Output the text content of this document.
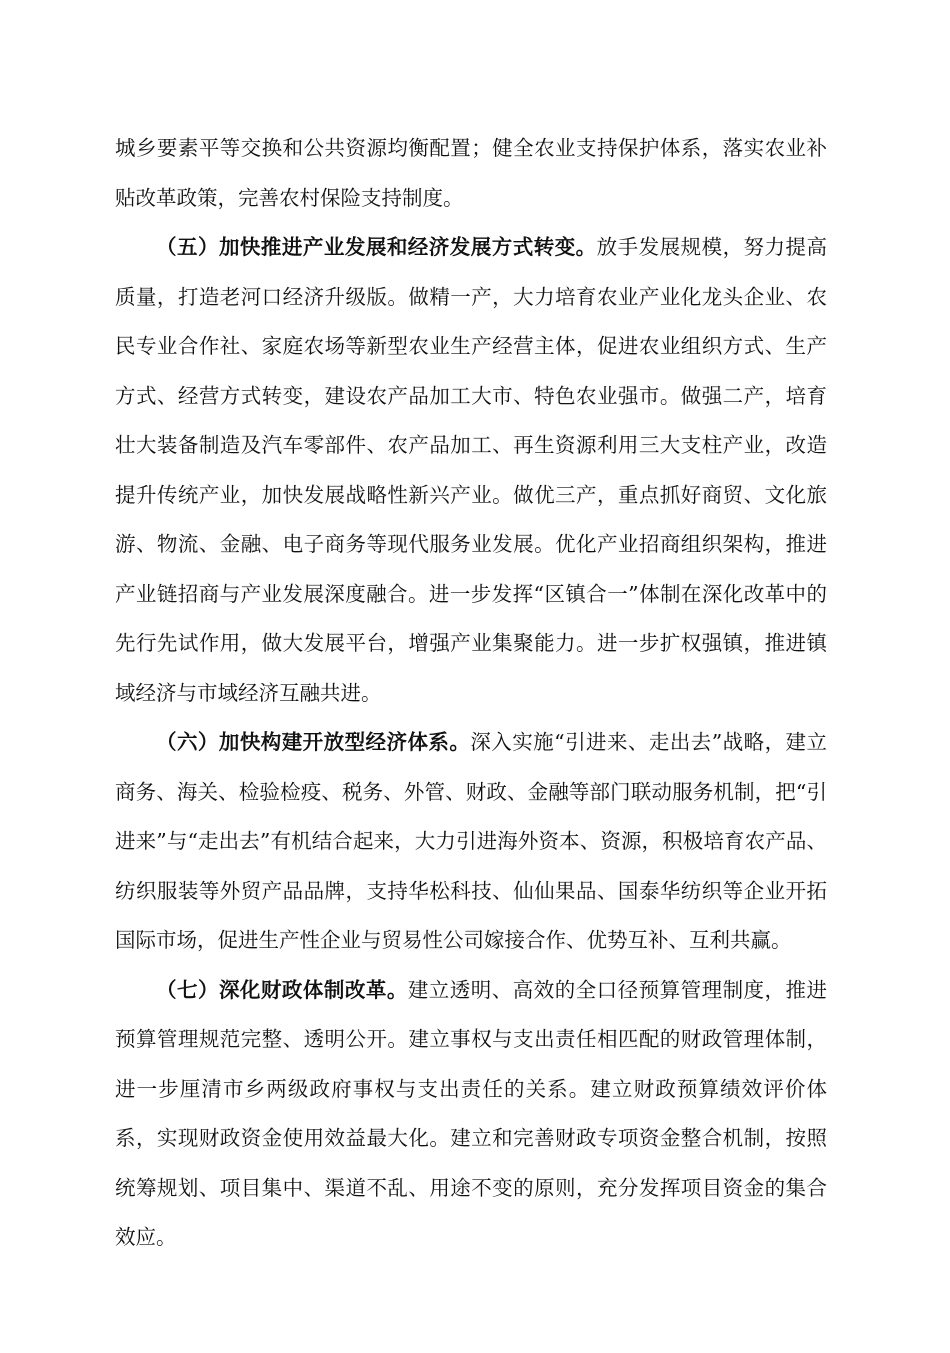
城乡要素平等交换和公共资源均衡配置；健全农业支持保护体系，落实农业补贴改革政策，完善农村保险支持制度。

（五）加快推进产业发展和经济发展方式转变。放手发展规模，努力提高质量，打造老河口经济升级版。做精一产，大力培育农业产业化龙头企业、农民专业合作社、家庭农场等新型农业生产经营主体，促进农业组织方式、生产方式、经营方式转变，建设农产品加工大市、特色农业强市。做强二产，培育壮大装备制造及汽车零部件、农产品加工、再生资源利用三大支柱产业，改造提升传统产业，加快发展战略性新兴产业。做优三产，重点抓好商贸、文化旅游、物流、金融、电子商务等现代服务业发展。优化产业招商组织架构，推进产业链招商与产业发展深度融合。进一步发挥“区镇合一”体制在深化改革中的先行先试作用，做大发展平台，增强产业集聚能力。进一步扩权强镇，推进镇域经济与市域经济互融共进。

（六）加快构建开放型经济体系。深入实施“引进来、走出去”战略，建立商务、海关、检验检疫、税务、外管、财政、金融等部门联动服务机制，把“引进来”与“走出去”有机结合起来，大力引进海外资本、资源，积极培育农产品、纺织服装等外贸产品品牌，支持华松科技、仙仙果品、国泰华纺织等企业开拓国际市场，促进生产性企业与贸易性公司嫁接合作、优势互补、互利共赢。

（七）深化财政体制改革。建立透明、高效的全口径预算管理制度，推进预算管理规范完整、透明公开。建立事权与支出责任相匹配的财政管理体制，进一步厘清市乡两级政府事权与支出责任的关系。建立财政预算绩效评价体系，实现财政资金使用效益最大化。建立和完善财政专项资金整合机制，按照统筹规划、项目集中、渠道不乱、用途不变的原则，充分发挥项目资金的集合效应。
